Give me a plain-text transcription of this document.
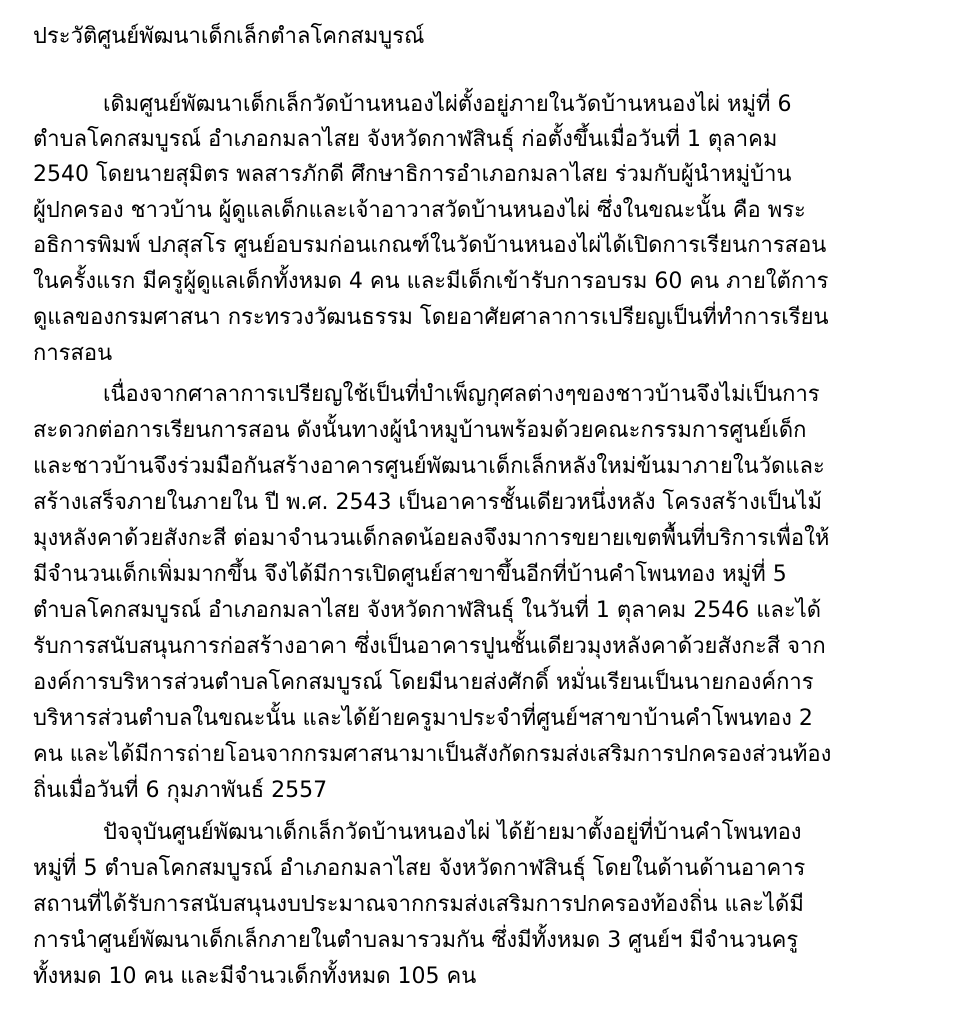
ประวัติศูนย์พัฒนาเด็กเล็กตำลโคกสมบูรณ์
เดิมศูนย์พัฒนาเด็กเล็กวัดบ้านหนองไผ่ตั้งอยู่ภายในวัดบ้านหนองไผ่ หมู่ที่ 6
ตำบลโคกสมบูรณ์ อำเภอกมลาไสย จังหวัดกาฬสินธุ์ ก่อตั้งขึ้นเมื่อวันที่ 1 ตุลาคม
2540 โดยนายสุมิตร พลสารภักดี ศึกษาธิการอำเภอกมลาไสย ร่วมกับผู้นำหมู่บ้าน
ผู้ปกครอง ชาวบ้าน ผู้ดูแลเด็กและเจ้าอาวาสวัดบ้านหนองไผ่ ซึ่งในขณะนั้น คือ พระ
อธิการพิมพ์ ปภสุสโร ศูนย์อบรมก่อนเกณฑ์ในวัดบ้านหนองไผ่ได้เปิดการเรียนการสอน
ในครั้งแรก มีครูผู้ดูแลเด็กทั้งหมด 4 คน และมีเด็กเข้ารับการอบรม 60 คน ภายใต้การ
ดูแลของกรมศาสนา กระทรวงวัฒนธรรม โดยอาศัยศาลาการเปรียญเป็นที่ทำการเรียน
การสอน
เนื่องจากศาลาการเปรียญใช้เป็นที่บำเพ็ญกุศลต่างๆของชาวบ้านจึงไม่เป็นการ
สะดวกต่อการเรียนการสอน ดังนั้นทางผู้นำหมูบ้านพร้อมด้วยคณะกรรมการศูนย์เด็ก
และชาวบ้านจึงร่วมมือกันสร้างอาคารศูนย์พัฒนาเด็กเล็กหลังใหม่ข้นมาภายในวัดและ
สร้างเสร็จภายในภายใน ปี พ.ศ. 2543 เป็นอาคารชั้นเดียวหนึ่งหลัง โครงสร้างเป็นไม้
มุงหลังคาด้วยสังกะสี ต่อมาจำนวนเด็กลดน้อยลงจึงมาการขยายเขตพื้นที่บริการเพื่อให้
มีจำนวนเด็กเพิ่มมากขึ้น จึงได้มีการเปิดศูนย์สาขาขึ้นอีกที่บ้านคำโพนทอง หมู่ที่ 5
ตำบลโคกสมบูรณ์ อำเภอกมลาไสย จังหวัดกาฬสินธุ์ ในวันที่ 1 ตุลาคม 2546 และได้
รับการสนับสนุนการก่อสร้างอาคา ซึ่งเป็นอาคารปูนชั้นเดียวมุงหลังคาด้วยสังกะสี จาก
องค์การบริหารส่วนตำบลโคกสมบูรณ์ โดยมีนายส่งศักดิ์ หมั่นเรียนเป็นนายกองค์การ
บริหารส่วนตำบลในขณะนั้น และได้ย้ายครูมาประจำที่ศูนย์ฯสาขาบ้านคำโพนทอง 2
คน และได้มีการถ่ายโอนจากกรมศาสนามาเป็นสังกัดกรมส่งเสริมการปกครองส่วนท้อง
ถิ่นเมื่อวันที่ 6 กุมภาพันธ์ 2557
ปัจจุบันศูนย์พัฒนาเด็กเล็กวัดบ้านหนองไผ่ ได้ย้ายมาตั้งอยู่ที่บ้านคำโพนทอง
หมู่ที่ 5 ตำบลโคกสมบูรณ์ อำเภอกมลาไสย จังหวัดกาฬสินธุ์ โดยในด้านด้านอาคาร
สถานที่ได้รับการสนับสนุนงบประมาณจากกรมส่งเสริมการปกครองท้องถิ่น และได้มี
การนำศูนย์พัฒนาเด็กเล็กภายในตำบลมารวมกัน ซึ่งมีทั้งหมด 3 ศูนย์ฯ มีจำนวนครู
ทั้งหมด 10 คน และมีจำนวเด็กทั้งหมด 105 คน
